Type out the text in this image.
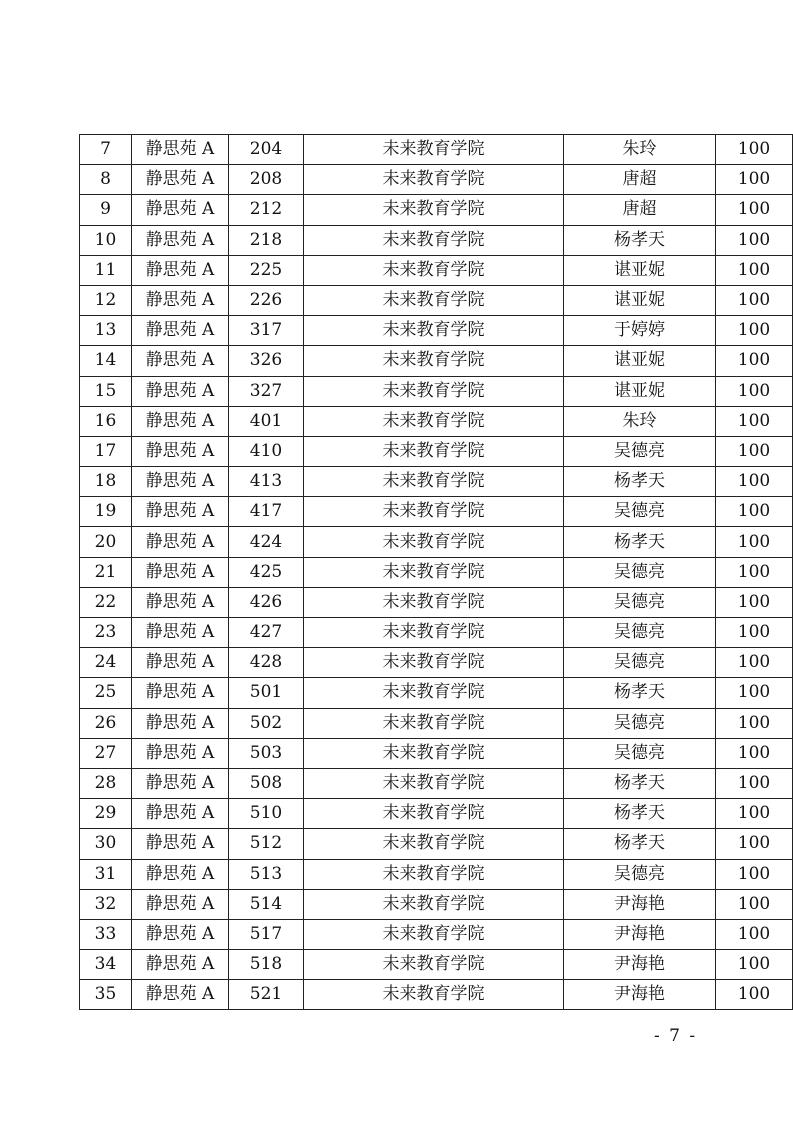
7	静思苑 A	204	未来教育学院	朱玲	100
8	静思苑 A	208	未来教育学院	唐超	100
9	静思苑 A	212	未来教育学院	唐超	100
10	静思苑 A	218	未来教育学院	杨孝天	100
11	静思苑 A	225	未来教育学院	谌亚妮	100
12	静思苑 A	226	未来教育学院	谌亚妮	100
13	静思苑 A	317	未来教育学院	于婷婷	100
14	静思苑 A	326	未来教育学院	谌亚妮	100
15	静思苑 A	327	未来教育学院	谌亚妮	100
16	静思苑 A	401	未来教育学院	朱玲	100
17	静思苑 A	410	未来教育学院	吴德亮	100
18	静思苑 A	413	未来教育学院	杨孝天	100
19	静思苑 A	417	未来教育学院	吴德亮	100
20	静思苑 A	424	未来教育学院	杨孝天	100
21	静思苑 A	425	未来教育学院	吴德亮	100
22	静思苑 A	426	未来教育学院	吴德亮	100
23	静思苑 A	427	未来教育学院	吴德亮	100
24	静思苑 A	428	未来教育学院	吴德亮	100
25	静思苑 A	501	未来教育学院	杨孝天	100
26	静思苑 A	502	未来教育学院	吴德亮	100
27	静思苑 A	503	未来教育学院	吴德亮	100
28	静思苑 A	508	未来教育学院	杨孝天	100
29	静思苑 A	510	未来教育学院	杨孝天	100
30	静思苑 A	512	未来教育学院	杨孝天	100
31	静思苑 A	513	未来教育学院	吴德亮	100
32	静思苑 A	514	未来教育学院	尹海艳	100
33	静思苑 A	517	未来教育学院	尹海艳	100
34	静思苑 A	518	未来教育学院	尹海艳	100
35	静思苑 A	521	未来教育学院	尹海艳	100
- 7 -
